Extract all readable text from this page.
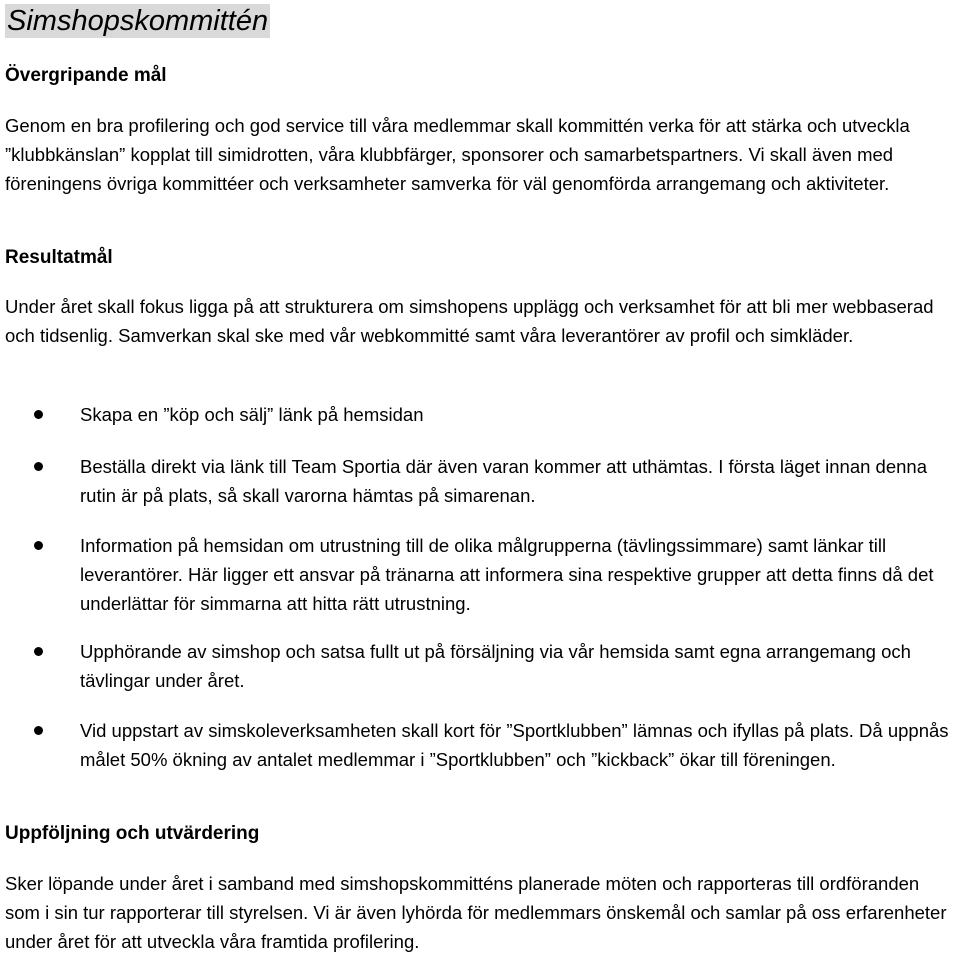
Simshopskommittén
Övergripande mål
Genom en bra profilering och god service till våra medlemmar skall kommittén verka för att stärka och utveckla ”klubbkänslan” kopplat till simidrotten, våra klubbfärger, sponsorer och samarbetspartners. Vi skall även med föreningens övriga kommittéer och verksamheter samverka för väl genomförda arrangemang och aktiviteter.
Resultatmål
Under året skall fokus ligga på att strukturera om simshopens upplägg och verksamhet för att bli mer webbaserad och tidsenlig. Samverkan skal ske med vår webkommitté samt våra leverantörer av profil och simkläder.
Skapa en ”köp och sälj” länk på hemsidan
Beställa direkt via länk till Team Sportia där även varan kommer att uthämtas. I första läget innan denna rutin är på plats, så skall varorna hämtas på simarenan.
Information på hemsidan om utrustning till de olika målgrupperna (tävlingssimmare) samt länkar till leverantörer. Här ligger ett ansvar på tränarna att informera sina respektive grupper att detta finns då det underlättar för simmarna att hitta rätt utrustning.
Upphörande av simshop och satsa fullt ut på försäljning via vår hemsida samt egna arrangemang och tävlingar under året.
Vid uppstart av simskoleverksamheten skall kort för ”Sportklubben” lämnas och ifyllas på plats. Då uppnås målet 50% ökning av antalet medlemmar i ”Sportklubben” och ”kickback” ökar till föreningen.
Uppföljning och utvärdering
Sker löpande under året i samband med simshopskommitténs planerade möten och rapporteras till ordföranden som i sin tur rapporterar till styrelsen. Vi är även lyhörda för medlemmars önskemål och samlar på oss erfarenheter under året för att utveckla våra framtida profilering.
